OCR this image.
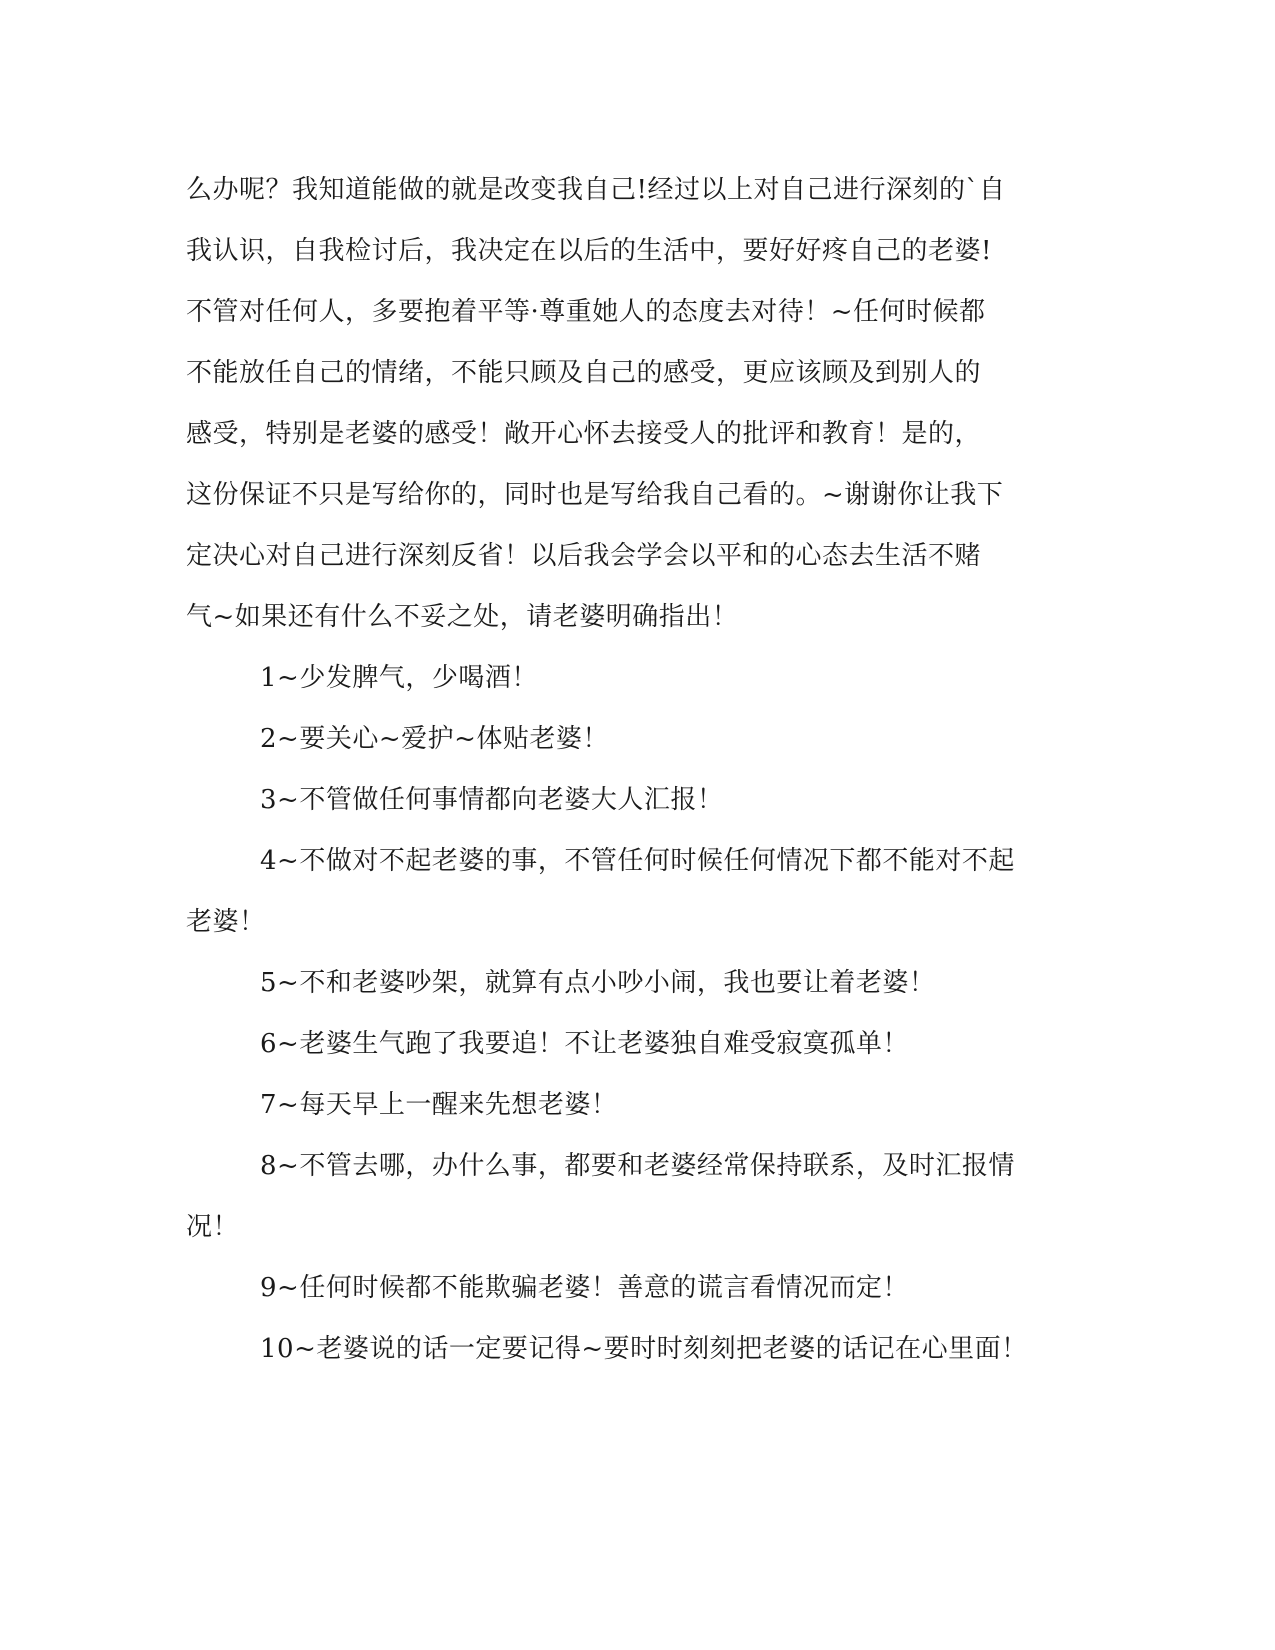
么办呢？我知道能做的就是改变我自己!经过以上对自己进行深刻的`自
我认识，自我检讨后，我决定在以后的生活中，要好好疼自己的老婆!
不管对任何人，多要抱着平等·尊重她人的态度去对待！~任何时候都
不能放任自己的情绪，不能只顾及自己的感受，更应该顾及到别人的
感受，特别是老婆的感受！敞开心怀去接受人的批评和教育！是的，
这份保证不只是写给你的，同时也是写给我自己看的。~谢谢你让我下
定决心对自己进行深刻反省！以后我会学会以平和的心态去生活不赌
气~如果还有什么不妥之处，请老婆明确指出！
1~少发脾气，少喝酒！
2~要关心~爱护~体贴老婆！
3~不管做任何事情都向老婆大人汇报！
4~不做对不起老婆的事，不管任何时候任何情况下都不能对不起
老婆！
5~不和老婆吵架，就算有点小吵小闹，我也要让着老婆！
6~老婆生气跑了我要追！不让老婆独自难受寂寞孤单！
7~每天早上一醒来先想老婆！
8~不管去哪，办什么事，都要和老婆经常保持联系，及时汇报情
况！
9~任何时候都不能欺骗老婆！善意的谎言看情况而定！
10~老婆说的话一定要记得~要时时刻刻把老婆的话记在心里面！
